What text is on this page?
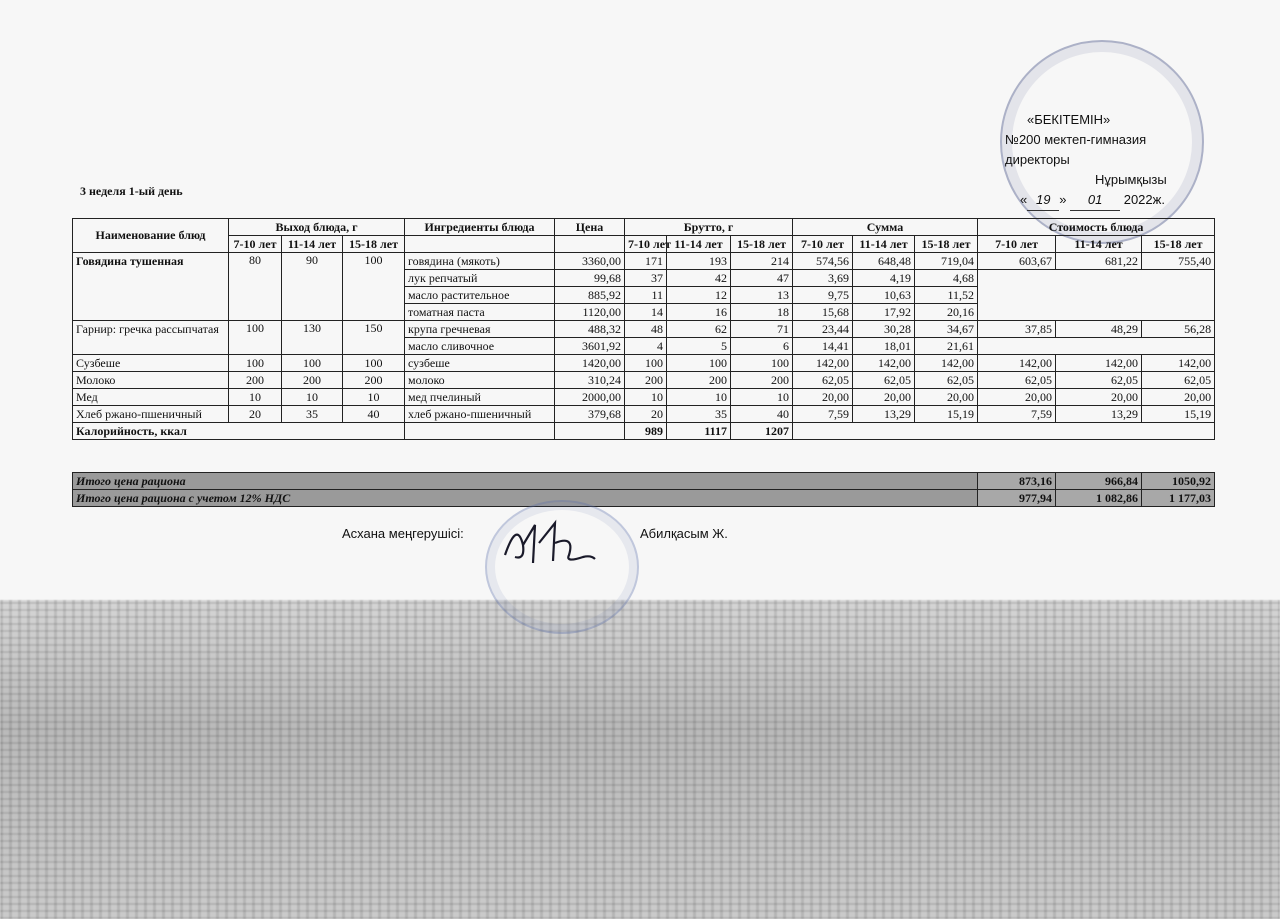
«БЕКІТЕМІН»
№200 мектеп-гимназия
директоры
Нұрымқызы
« 19 » 01 2022ж.
3 неделя 1-ый день
Наименование блюд	Выход блюда, г			Ингредиенты блюда	Цена	Брутто, г			Сумма			Стоимость блюда		
	7-10 лет	11-14 лет	15-18 лет			7-10 лет	11-14 лет	15-18 лет	7-10 лет	11-14 лет	15-18 лет	7-10 лет	11-14 лет	15-18 лет
Говядина тушенная	80	90	100	говядина (мякоть)	3360,00	171	193	214	574,56	648,48	719,04	603,67	681,22	755,40
				лук репчатый	99,68	37	42	47	3,69	4,19	4,68			
				масло растительное	885,92	11	12	13	9,75	10,63	11,52			
				томатная паста	1120,00	14	16	18	15,68	17,92	20,16			
Гарнир: гречка рассыпчатая	100	130	150	крупа гречневая	488,32	48	62	71	23,44	30,28	34,67	37,85	48,29	56,28
				масло сливочное	3601,92	4	5	6	14,41	18,01	21,61			
Сузбеше	100	100	100	сузбеше	1420,00	100	100	100	142,00	142,00	142,00	142,00	142,00	142,00
Молоко	200	200	200	молоко	310,24	200	200	200	62,05	62,05	62,05	62,05	62,05	62,05
Мед	10	10	10	мед пчелиный	2000,00	10	10	10	20,00	20,00	20,00	20,00	20,00	20,00
Хлеб ржано-пшеничный	20	35	40	хлеб ржано-пшеничный	379,68	20	35	40	7,59	13,29	15,19	7,59	13,29	15,19
Калорийность, ккал						989	1117	1207						
Итого цена рациона	873,16	966,84	1050,92
Итого цена рациона с учетом 12% НДС	977,94	1 082,86	1 177,03
Асхана меңгерушісі:	Абилқасым Ж.
